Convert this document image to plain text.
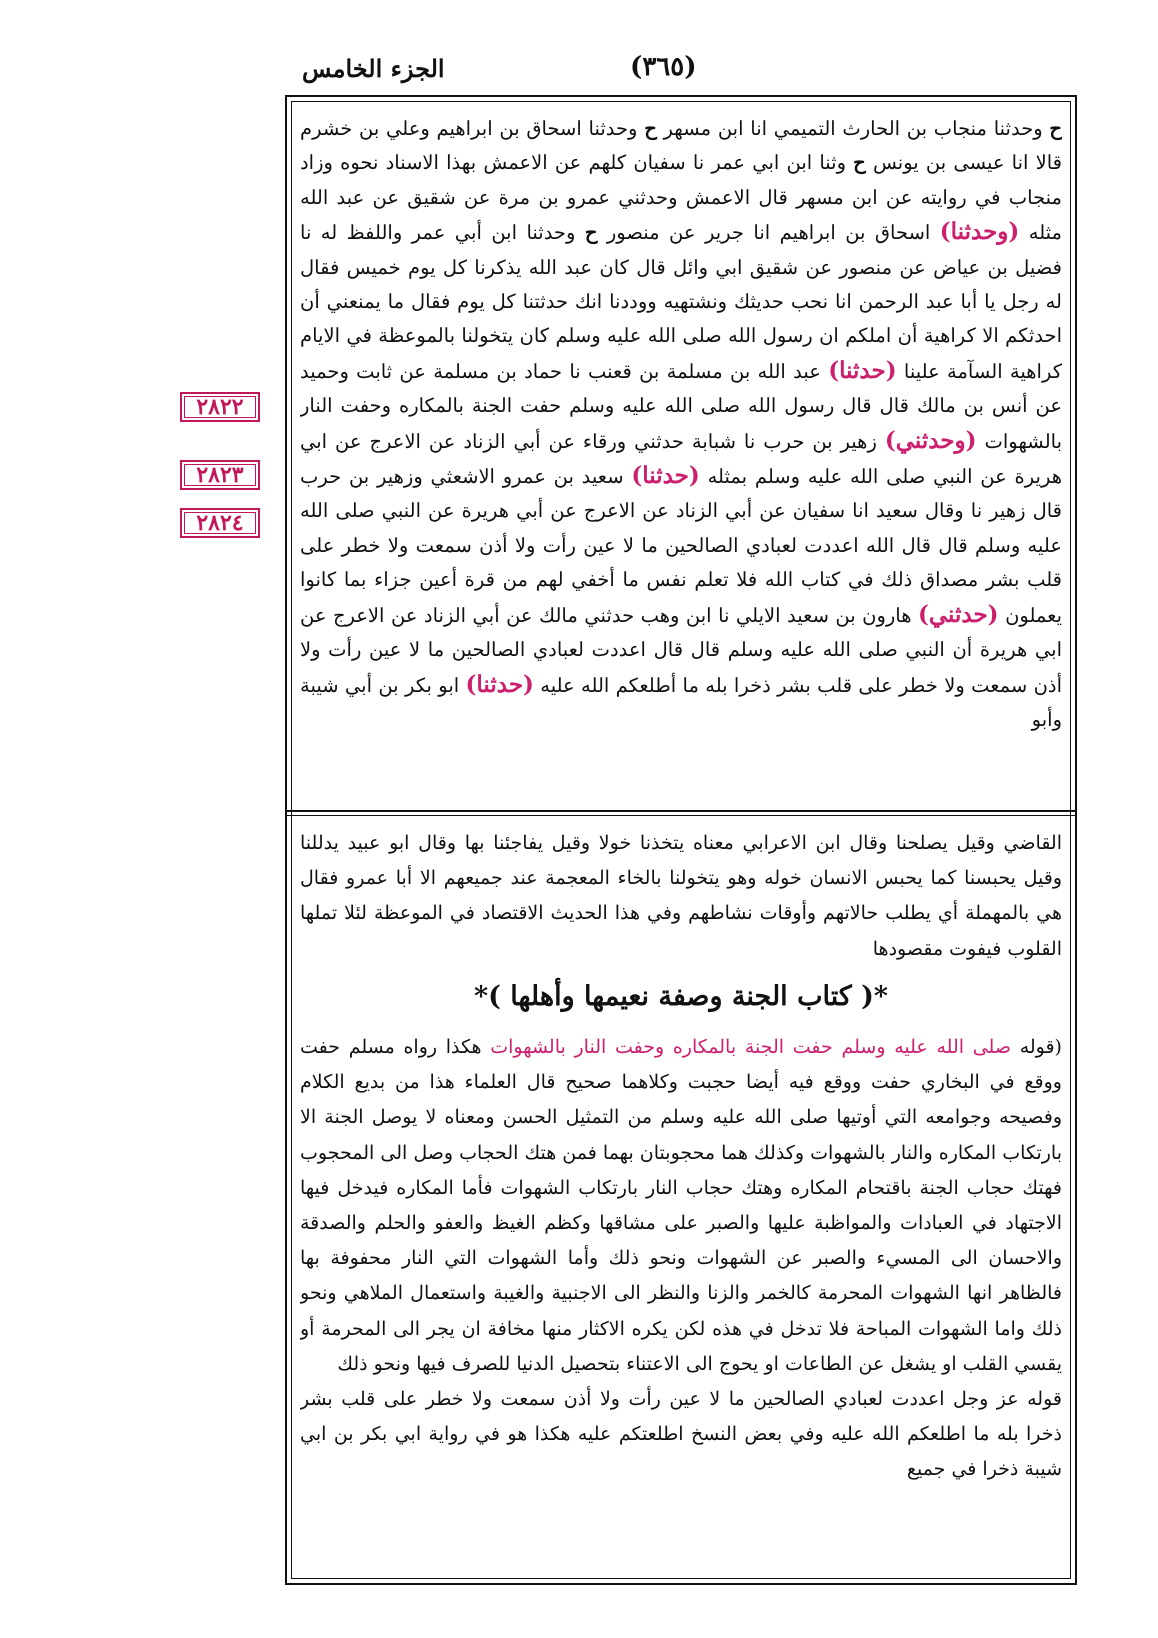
الجزء الخامس	(٣٦٥)
٢٨٢٢
٢٨٢٣
٢٨٢٤

ح وحدثنا منجاب بن الحارث التميمي انا ابن مسهر ح وحدثنا اسحاق بن ابراهيم وعلي بن خشرم قالا انا عيسى بن يونس ح وثنا ابن ابي عمر نا سفيان كلهم عن الاعمش بهذا الاسناد نحوه وزاد منجاب في روايته عن ابن مسهر قال الاعمش وحدثني عمرو بن مرة عن شقيق عن عبد الله مثله (وحدثنا) اسحاق بن ابراهيم انا جرير عن منصور ح وحدثنا ابن أبي عمر واللفظ له نا فضيل بن عياض عن منصور عن شقيق ابي وائل قال كان عبد الله يذكرنا كل يوم خميس فقال له رجل يا أبا عبد الرحمن انا نحب حديثك ونشتهيه ووددنا انك حدثتنا كل يوم فقال ما يمنعني أن احدثكم الا كراهية أن املكم ان رسول الله صلى الله عليه وسلم كان يتخولنا بالموعظة في الايام كراهية السآمة علينا (حدثنا) عبد الله بن مسلمة بن قعنب نا حماد بن مسلمة عن ثابت وحميد عن أنس بن مالك قال قال رسول الله صلى الله عليه وسلم حفت الجنة بالمكاره وحفت النار بالشهوات (وحدثني) زهير بن حرب نا شبابة حدثني ورقاء عن أبي الزناد عن الاعرج عن ابي هريرة عن النبي صلى الله عليه وسلم بمثله (حدثنا) سعيد بن عمرو الاشعثي وزهير بن حرب قال زهير نا وقال سعيد انا سفيان عن أبي الزناد عن الاعرج عن أبي هريرة عن النبي صلى الله عليه وسلم قال قال الله اعددت لعبادي الصالحين ما لا عين رأت ولا أذن سمعت ولا خطر على قلب بشر مصداق ذلك في كتاب الله فلا تعلم نفس ما أخفي لهم من قرة أعين جزاء بما كانوا يعملون (حدثني) هارون بن سعيد الايلي نا ابن وهب حدثني مالك عن أبي الزناد عن الاعرج عن ابي هريرة أن النبي صلى الله عليه وسلم قال قال اعددت لعبادي الصالحين ما لا عين رأت ولا أذن سمعت ولا خطر على قلب بشر ذخرا بله ما أطلعكم الله عليه (حدثنا) ابو بكر بن أبي شيبة وأبو

القاضي وقيل يصلحنا وقال ابن الاعرابي معناه يتخذنا خولا وقيل يفاجئنا بها وقال ابو عبيد يدللنا وقيل يحبسنا كما يحبس الانسان خوله وهو يتخولنا بالخاء المعجمة عند جميعهم الا أبا عمرو فقال هي بالمهملة أي يطلب حالاتهم وأوقات نشاطهم وفي هذا الحديث الاقتصاد في الموعظة لئلا تملها القلوب فيفوت مقصودها

*( كتاب الجنة وصفة نعيمها وأهلها )*

(قوله صلى الله عليه وسلم حفت الجنة بالمكاره وحفت النار بالشهوات هكذا رواه مسلم حفت ووقع في البخاري حفت ووقع فيه أيضا حجبت وكلاهما صحيح قال العلماء هذا من بديع الكلام وفصيحه وجوامعه التي أوتيها صلى الله عليه وسلم من التمثيل الحسن ومعناه لا يوصل الجنة الا بارتكاب المكاره والنار بالشهوات وكذلك هما محجوبتان بهما فمن هتك الحجاب وصل الى المحجوب فهتك حجاب الجنة باقتحام المكاره وهتك حجاب النار بارتكاب الشهوات فأما المكاره فيدخل فيها الاجتهاد في العبادات والمواظبة عليها والصبر على مشاقها وكظم الغيظ والعفو والحلم والصدقة والاحسان الى المسيء والصبر عن الشهوات ونحو ذلك وأما الشهوات التي النار محفوفة بها فالظاهر انها الشهوات المحرمة كالخمر والزنا والنظر الى الاجنبية والغيبة واستعمال الملاهي ونحو ذلك واما الشهوات المباحة فلا تدخل في هذه لكن يكره الاكثار منها مخافة ان يجر الى المحرمة أو يقسي القلب او يشغل عن الطاعات او يحوج الى الاعتناء بتحصيل الدنيا للصرف فيها ونحو ذلك

قوله عز وجل اعددت لعبادي الصالحين ما لا عين رأت ولا أذن سمعت ولا خطر على قلب بشر ذخرا بله ما اطلعكم الله عليه وفي بعض النسخ اطلعتكم عليه هكذا هو في رواية ابي بكر بن ابي شيبة ذخرا في جميع
